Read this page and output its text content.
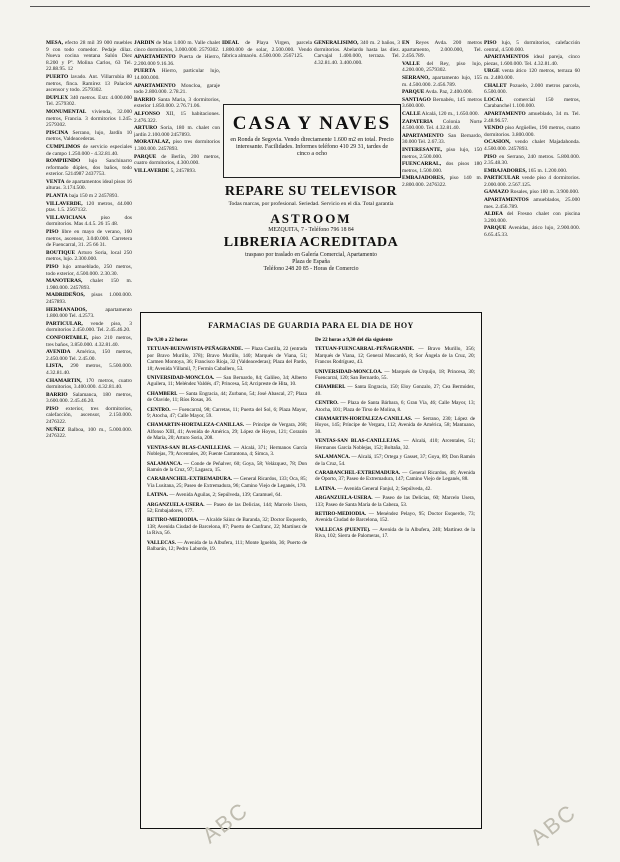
MESA, efecto 28 mil 39 000 muebles 9 con todo comedor. Pedaje dilaz. Nueva cocina ventana Salón Diez 8.200 y Pº. Molina Carlos, 63 Tel. 22.88.95. 12

PUERTO lavado. Ant. Villarrubia 80 metros, finca. Ramírez 13 Palacios ascensor y todo. 2579302.

DUPLEX 340 metros. Extr. 4.000.000 Tel. 2579302.

MONUMENTAL vivienda, 32.000 metros, Francia. 3 dormitorios 1.245. 2579302.

PISCINA Serrano, lujo, Jardín 10 metros, Valdeacederas.

CUMPLIMOS de servicio especiales de campo 1.250.000 - 4.32.81.40.

ROMPIENDO lujo Sanchinarro reformado dúplex, dos baños, todo exterior. 5214987 2437753.

VENTA de apartamentos ideal pisos 16 alturas. 3.174.500.

PLANTA baja 150 m 2 2457893.

VILLAVERDE, 120 metros, 44.000 ptas. 1.5. 2567132.

VILLAVICIANA piso dos dormitorios. Mas 4.4.5. 26 15 48.

PISO libre en mayo de verano, 160 metros, ascensor, 3.040.000. Carretera de Fuencarral, 31. 25 66 31.

BOUTIQUE Arturo Soria, local 250 metros, lujo. 2.300.000.

PISO lujo amueblado, 250 metros, todo exterior, 4.500.000. 2.30.30.

MANOTERAS, chalet 150 m. 1.980.000. 2457893.

MADRIDEÑOS, pisos 1.000.000. 2457893.

HERMANADOS, apartamento 1.800.000 Tel. 4.2573.

PARTICULAR, vende piso, 3 dormitorios 2.450.000. Tel. 2.45.46.20.

CONFORTABLE, piso 210 metros, tres baños, 3.850.000. 4.32.81.40.

AVENIDA América, 150 metros, 2.450.000 Tel. 2.45.00.

LISTA, 290 metros, 5.500.000. 4.32.81.40.

CHAMARTIN, 170 metros, cuatro dormitorios, 3.400.000. 4.32.81.40.

BARRIO Salamanca, 180 metros, 3.600.000. 2.45.46.20.

PISO exterior, tres dormitorios, calefacción, ascensor, 2.150.000. 2476322.

NUÑEZ Balboa, 100 m., 5.000.000. 2476322.

JARDIN de Mas 1.000 m. Valle chalet cinco dormitorios, 3.000.000. 2579302.

APARTAMENTO Puerta de Hierro, 2.200.000 9.16.36.

PUERTA Hierro, particular lujo, 14.000.000.

APARTAMENTO Moncloa, garaje todo 2.800.000. 2.78.21.

BARRIO Santa Maria, 3 dormitorios, exterior 1.850.000. 2.76.71.06.

ALFONSO XII, 15 habitaciones. 2.476.322.

ARTURO Soria, 180 m. chalet con jardín 2.100.000 2457893.

MORATALAZ, piso tres dormitorios 1.300.000. 2457893.

PARQUE de Berlín, 200 metros, cuatro dormitorios, 4.300.000.

VILLAVERDE 5, 2457893.

IDEAL de Playa Virgen, parcela 1.800.000 de solar, 2.500.000. Vendo fábrica almacén. 4.500.000. 2567125.

GENERALISIMO, 340 m. 2 baños, 3 dormitorios. Abelardo hasta las diez. Carvajal 1.400.000, terraza. Tel. 4.32.81.40. 3.400.000.

EN Reyes Avda. 200 metros apartamento, 2.000.000, Tel. 2.456.789.

VALLE del Rey, piso lujo, 4.200.000, 2579302.

SERRANO, apartamento lujo, 155 m. 4.500.000. 2.456.789.

PARQUE Avda. Paz, 2.400.000.

SANTIAGO Bernabéu, 145 metros 3.600.000.

CALLE Alcalá, 120 m., 1.650.000.

ZAPATERIA Colonia Norte 4.500.000. Tel. 4.32.81.40.

APARTAMENTO San Bernardo, 30.000 Tel. 2.67.33.

INTERESANTE, piso lujo, 150 metros, 2.500.000.

FUENCARRAL, dos pisos 180 metros, 1.500.000.

EMBAJADORES, piso 140 m. 2.800.000. 2476322.

PISO lujo, 5 dormitorios, calefacción central, 4.500.000.

APARTAMENTOS ideal pareja, cinco piezas, 1.600.000. Tel. 4.32.81.40.

URGE venta ático 120 metros, terraza 60 m. 2.480.000.

CHALET Pozuelo, 2.000 metros parcela, 6.500.000.

LOCAL comercial 150 metros, Carabanchel 1.100.000.

APARTAMENTO amueblado, 34 m. Tel. 2.48.96.57.

VENDO piso Argüelles, 190 metros, cuatro dormitorios. 3.800.000.

OCASION, vendo chalet Majadahonda. 4.500.000. 2457893.

PISO en Serrano, 240 metros. 5.800.000. 2.35.48.30.

EMBAJADORES, 165 m. 1.200.000.

PARTICULAR vende piso 4 dormitorios. 2.000.000. 2.567.125.

GAMAZO Rosales, piso 180 m. 3.900.000.

APARTAMENTOS amueblados, 25.000 mes. 2.456.789.

ALDEA del Fresno chalet con piscina 3.200.000.

PARQUE Avenidas, ático lujo, 2.900.000. 6.65.45.33.

CASA Y NAVES
en Ronda de Segovia. Vendo directamente 1.600 m2 en total. Precio interesante. Facilidades. Informes teléfono 410 29 31, tardes de cinco a ocho
REPARE SU TELEVISOR
Todas marcas, por profesional. Seriedad. Servicio en el día. Total garantía
ASTROOM
MEZQUITA, 7 - Teléfono 796 18 84
LIBRERIA ACREDITADA
traspaso por traslado en Galería Comercial, Apartamento
Plaza de España
Teléfono 248 20 85 - Horas de Comercio
FARMACIAS DE GUARDIA PARA EL DIA DE HOY

De 9,30 a 22 horas

TETUAN-BUENAVISTA-PEÑAGRANDE. — Plaza Castilla, 22 (entrada por Bravo Murillo, 378); Bravo Murillo, 140; Marqués de Viana, 51; Carmen Montoya, 36; Francisco Rioja, 32 (Valdeacederas); Plaza del Pardo, 18; Avenida Villamil, 7; Fermín Caballero, 53.

UNIVERSIDAD-MONCLOA. — San Bernardo, 84; Galileo, 34; Alberto Aguilera, 11; Meléndez Valdés, 47; Princesa, 54; Arcipreste de Hita, 10.

CHAMBERI. — Santa Engracia, 44; Zurbano, 54; José Abascal, 27; Plaza de Olavide, 11; Ríos Rosas, 36.

CENTRO. — Fuencarral, 98; Carretas, 11; Puerta del Sol, 6; Plaza Mayor, 9; Atocha, 47; Calle Mayor, 59.

CHAMARTIN-HORTALEZA-CANILLAS. — Príncipe de Vergara, 268; Alfonso XIII, 41; Avenida de América, 29; López de Hoyos, 121; Corazón de María, 20; Arturo Soria, 208.

VENTAS-SAN BLAS-CANILLEJAS. — Alcalá, 371; Hermanos García Noblejas, 79; Arcentales, 20; Fuente Carrantona, 4; Simca, 3.

SALAMANCA. — Conde de Peñalver, 60; Goya, 58; Velázquez, 78; Don Ramón de la Cruz, 97; Lagasca, 15.

CARABANCHEL-EXTREMADURA. — General Ricardos, 133; Oca, 85; Vía Lusitana, 25; Paseo de Extremadura, 96; Camino Viejo de Leganés, 170.

LATINA. — Avenida Aguilas, 2; Sepúlveda, 139; Caramuel, 64.

ARGANZUELA-USERA. — Paseo de las Delicias, 144; Marcelo Usera, 52; Embajadores, 177.

RETIRO-MEDIODIA. — Alcalde Sáinz de Baranda, 32; Doctor Esquerdo, 138; Avenida Ciudad de Barcelona, 87; Puerto de Canfranc, 22; Martínez de la Riva, 56.

VALLECAS. — Avenida de la Albufera, 111; Monte Igueldo, 36; Puerto de Balbarán, 12; Pedro Laborde, 19.

De 22 horas a 9,30 del día siguiente

TETUAN-FUENCARRAL-PEÑAGRANDE. — Bravo Murillo, 356; Marqués de Viana, 12; General Moscardó, 8; Sor Ángela de la Cruz, 20; Francos Rodríguez, 43.

UNIVERSIDAD-MONCLOA. — Marqués de Urquijo, 18; Princesa, 30; Fuencarral, 120; San Bernardo, 55.

CHAMBERI. — Santa Engracia, 150; Eloy Gonzalo, 27; Cea Bermúdez, 40.

CENTRO. — Plaza de Santa Bárbara, 6; Gran Vía, 46; Calle Mayor, 13; Atocha, 101; Plaza de Tirso de Molina, 8.

CHAMARTIN-HORTALEZA-CANILLAS. — Serrano, 230; López de Hoyos, 145; Príncipe de Vergara, 112; Avenida de América, 58; Mantuano, 30.

VENTAS-SAN BLAS-CANILLEJAS. — Alcalá, 410; Arcentales, 51; Hermanos García Noblejas, 152; Boltaña, 32.

SALAMANCA. — Alcalá, 157; Ortega y Gasset, 37; Goya, 89; Don Ramón de la Cruz, 54.

CARABANCHEL-EXTREMADURA. — General Ricardos, 48; Avenida de Oporto, 37; Paseo de Extremadura, 147; Camino Viejo de Leganés, 88.

LATINA. — Avenida General Fanjul, 2; Sepúlveda, 42.

ARGANZUELA-USERA. — Paseo de las Delicias, 60; Marcelo Usera, 133; Paseo de Santa María de la Cabeza, 53.

RETIRO-MEDIODIA. — Menéndez Pelayo, 95; Doctor Esquerdo, 73; Avenida Ciudad de Barcelona, 152.

VALLECAS (PUENTE). — Avenida de la Albufera, 240; Martínez de la Riva, 102; Sierra de Palomeras, 17.

ABC	ABC
